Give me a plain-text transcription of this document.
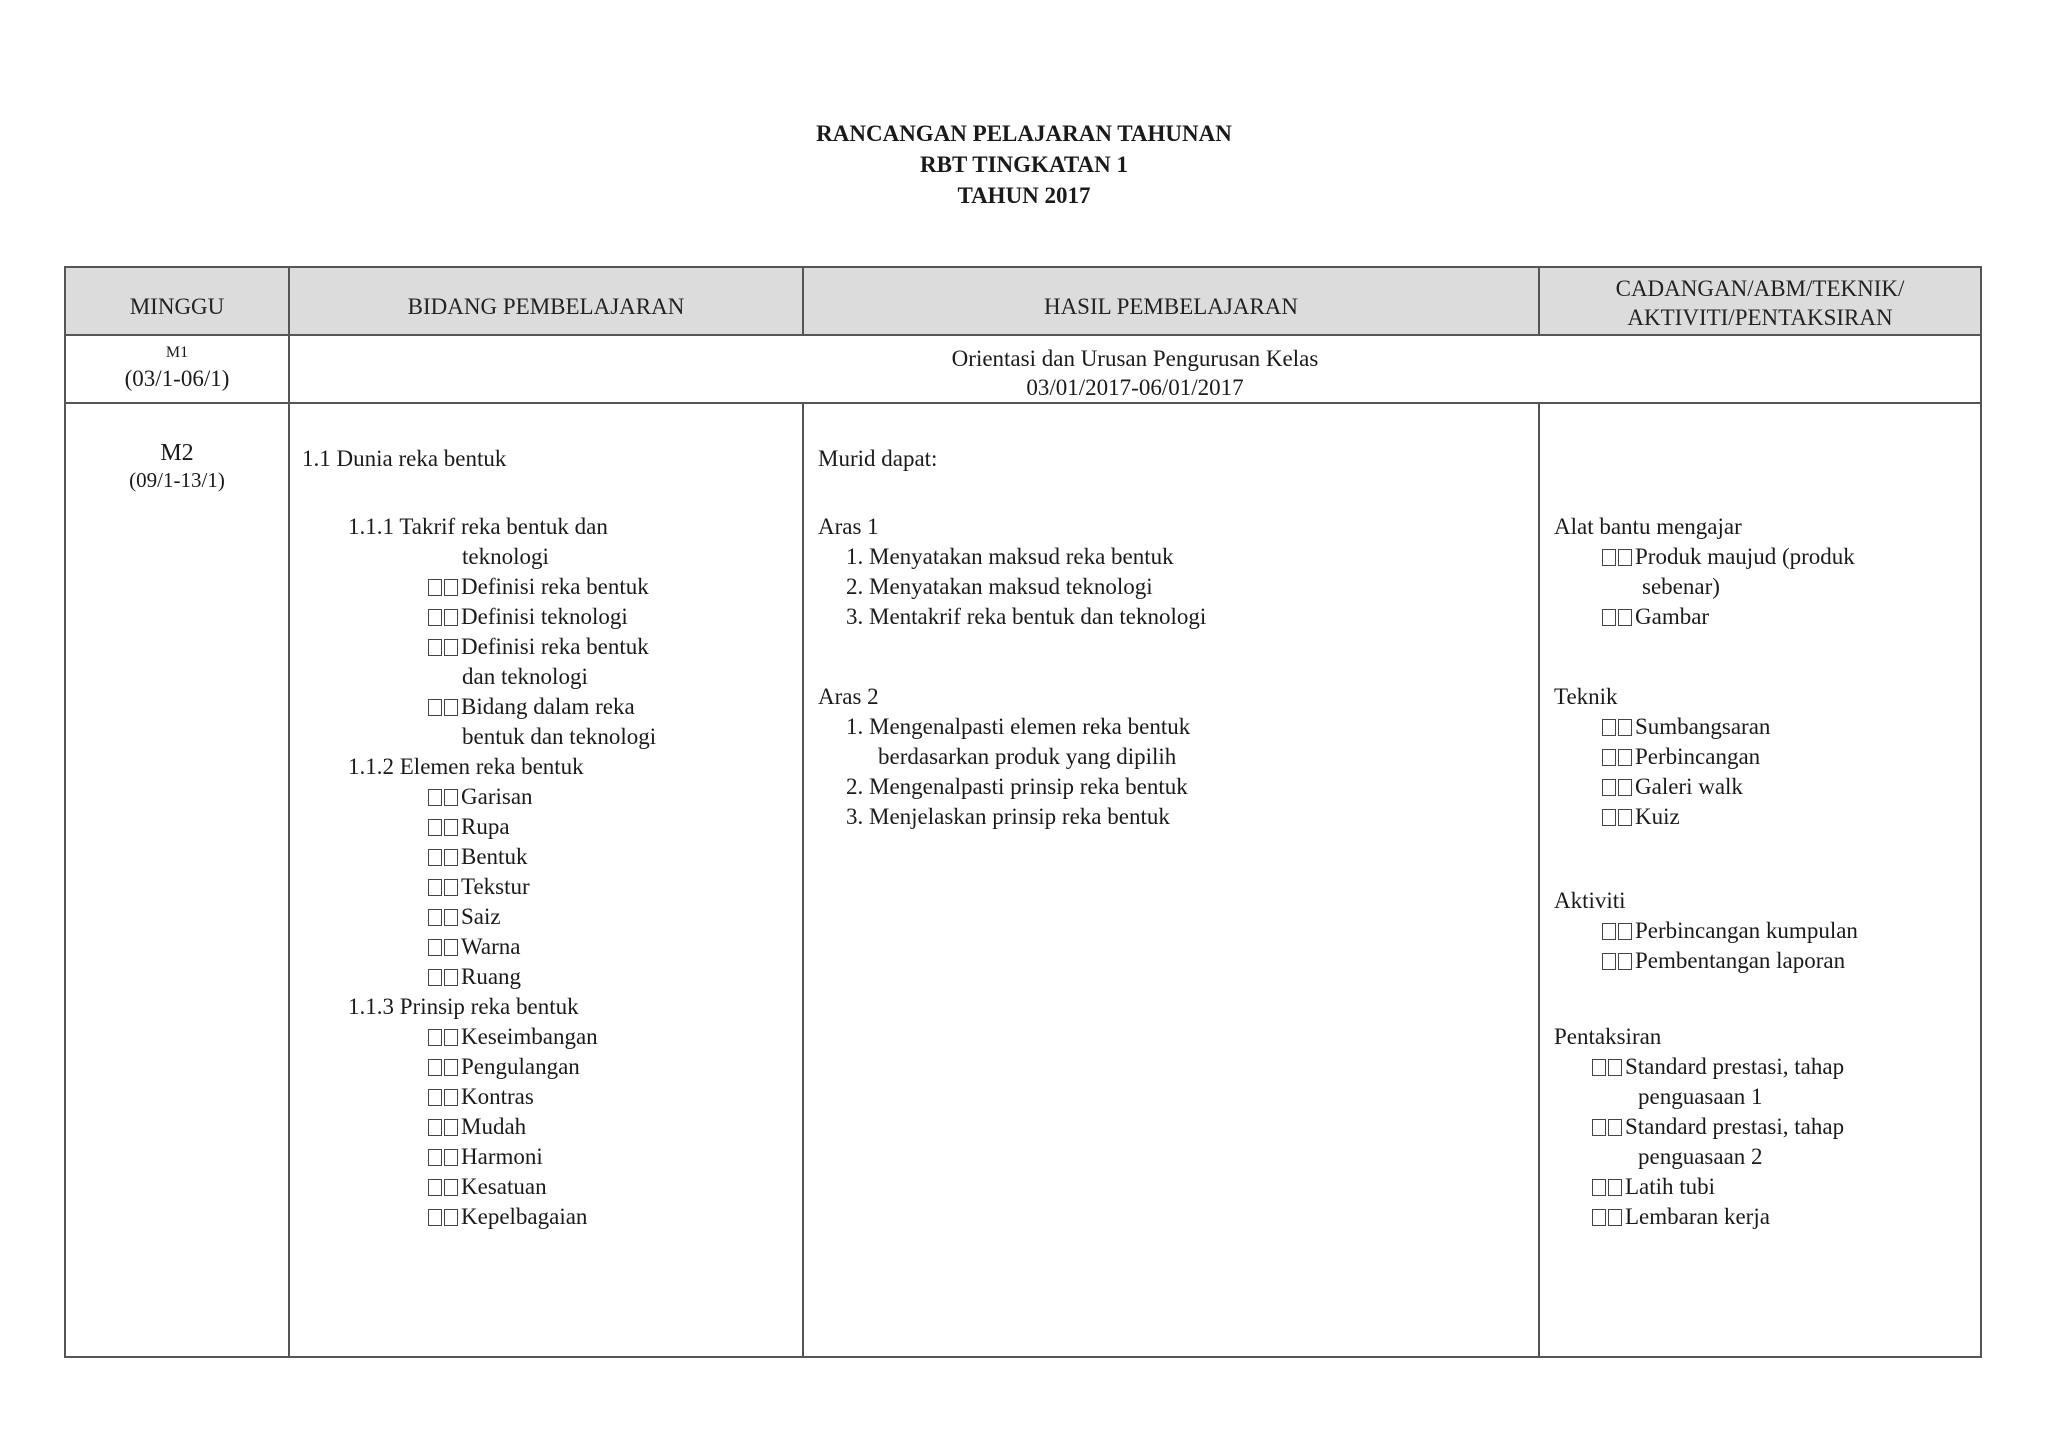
RANCANGAN PELAJARAN TAHUNAN
RBT TINGKATAN 1
TAHUN 2017
MINGGU	BIDANG PEMBELAJARAN	HASIL PEMBELAJARAN
CADANGAN/ABM/TEKNIK/
AKTIVITI/PENTAKSIRAN
M1
(03/1-06/1)
Orientasi dan Urusan Pengurusan Kelas
03/01/2017-06/01/2017
M2
(09/1-13/1)
1.1 Dunia reka bentuk
1.1.1 Takrif reka bentuk dan
teknologi
Definisi reka bentuk
Definisi teknologi
Definisi reka bentuk
dan teknologi
Bidang dalam reka
bentuk dan teknologi
1.1.2 Elemen reka bentuk
Garisan
Rupa
Bentuk
Tekstur
Saiz
Warna
Ruang
1.1.3 Prinsip reka bentuk
Keseimbangan
Pengulangan
Kontras
Mudah
Harmoni
Kesatuan
Kepelbagaian
Murid dapat:
Aras 1
1. Menyatakan maksud reka bentuk
2. Menyatakan maksud teknologi
3. Mentakrif reka bentuk dan teknologi
Aras 2
1. Mengenalpasti elemen reka bentuk
berdasarkan produk yang dipilih
2. Mengenalpasti prinsip reka bentuk
3. Menjelaskan prinsip reka bentuk
Alat bantu mengajar
Produk maujud (produk
sebenar)
Gambar
Teknik
Sumbangsaran
Perbincangan
Galeri walk
Kuiz
Aktiviti
Perbincangan kumpulan
Pembentangan laporan
Pentaksiran
Standard prestasi, tahap
penguasaan 1
Standard prestasi, tahap
penguasaan 2
Latih tubi
Lembaran kerja
